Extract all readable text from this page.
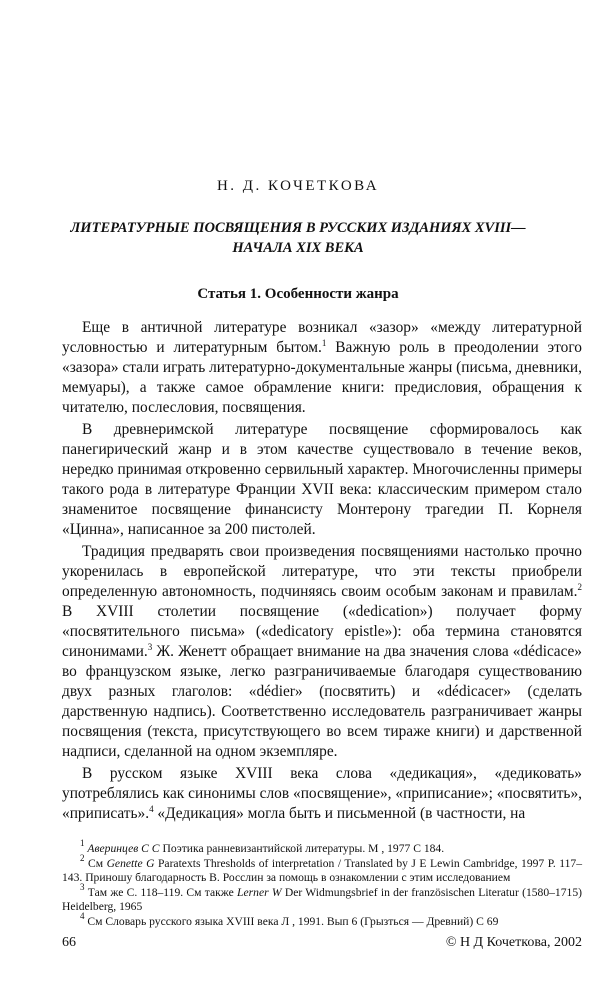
Н. Д. КОЧЕТКОВА
ЛИТЕРАТУРНЫЕ ПОСВЯЩЕНИЯ В РУССКИХ ИЗДАНИЯХ XVIII—НАЧАЛА XIX ВЕКА
Статья 1. Особенности жанра

Еще в античной литературе возникал «зазор» «между литературной условностью и литературным бытом.$^1$ Важную роль в преодолении этого «зазора» стали играть литературно-документальные жанры (письма, дневники, мемуары), а также самое обрамление книги: предисловия, обращения к читателю, послесловия, посвящения.

В древнеримской литературе посвящение сформировалось как панегирический жанр и в этом качестве существовало в течение веков, нередко принимая откровенно сервильный характер. Многочисленны примеры такого рода в литературе Франции XVII века: классическим примером стало знаменитое посвящение финансисту Монтерону трагедии П. Корнеля «Цинна», написанное за 200 пистолей.

Традиция предварять свои произведения посвящениями настолько прочно укоренилась в европейской литературе, что эти тексты приобрели определенную автономность, подчиняясь своим особым законам и правилам.$^2$ В XVIII столетии посвящение («dedication») получает форму «посвятительного письма» («dedicatory epistle»): оба термина становятся синонимами.$^3$ Ж. Женетт обращает внимание на два значения слова «dédicace» во французском языке, легко разграничиваемые благодаря существованию двух разных глаголов: «dédier» (посвятить) и «dédicacer» (сделать дарственную надпись). Соответственно исследователь разграничивает жанры посвящения (текста, присутствующего во всем тираже книги) и дарственной надписи, сделанной на одном экземпляре.

В русском языке XVIII века слова «дедикация», «дедиковать» употреблялись как синонимы слов «посвящение», «приписание»; «посвятить», «приписать».$^4$ «Дедикация» могла быть и письменной (в частности, на

$^1$ Аверинцев С С Поэтика ранневизантийской литературы. М , 1977 С 184.

$^2$ См Genette G Paratexts Thresholds of interpretation / Translated by J E Lewin Cambridge, 1997 P. 117–143. Приношу благодарность В. Росслин за помощь в ознакомлении с этим исследованием

$^3$ Там же С. 118–119. См также Lerner W Der Widmungsbrief in der französischen Literatur (1580–1715) Heidelberg, 1965

$^4$ См Словарь русского языка XVIII века Л , 1991. Вып 6 (Грызться — Древний) С 69

66	© Н Д Кочеткова, 2002
